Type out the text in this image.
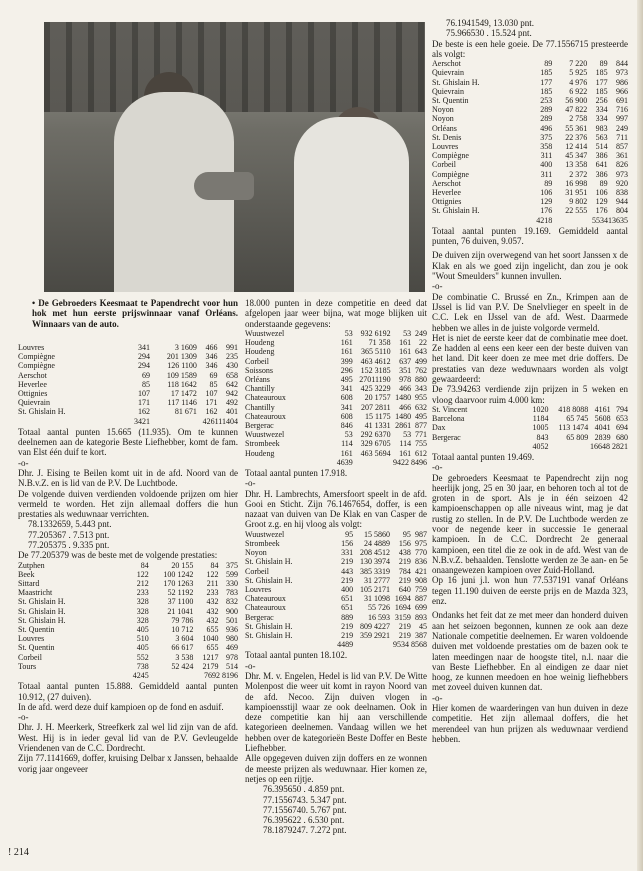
• De Gebroeders Keesmaat te Papendrecht voor hun hok met hun eerste prijswinnaar vanaf Orléans. Winnaars van de auto.

Louvres	341	3 1609	466	991
Compiègne	294	201 1309	346	235
Compiègne	294	126 1100	346	430
Aerschot	69	109 1589	69	658
Heverlee	85	118 1642	85	642
Ottignies	107	17 1472	107	942
Quievrain	171	117 1146	171	492
St. Ghislain H.	162	81 671	162	401
	3421	426111404		

Totaal aantal punten 15.665 (11.935). Om te kunnen deelnemen aan de kategorie Beste Liefhebber, komt de fam. van Elst één duif te kort.

-o-

Dhr. J. Eising te Beilen komt uit in de afd. Noord van de N.B.v.Z. en is lid van de P.V. De Luchtbode.

De volgende duiven verdienden voldoende prijzen om hier vermeld te worden. Het zijn allemaal doffers die hun prestaties als weduwnaar verrichten.

78.1332659, 5.443 pnt.

77.205367 . 7.513 pnt.

77.205375 . 9.335 pnt.

De 77.205379 was de beste met de volgende prestaties:

Zutphen	84	20 155	84	375
Beek	122	100 1242	122	599
Sittard	212	170 1263	211	330
Maastricht	233	52 1192	233	783
St. Ghislain H.	328	37 1100	432	832
St. Ghislain H.	328	21 1041	432	900
St. Ghislain H.	328	79 786	432	501
St. Quentin	405	10 712	655	936
Louvres	510	3 604	1040	980
St. Quentin	405	66 617	655	469
Corbeil	552	3 538	1217	978
Tours	738	52 424	2179	514
	4245	7692 8196		

Totaal aantal punten 15.888. Gemiddeld aantal punten 10.912, (27 duiven).

In de afd. werd deze duif kampioen op de fond en asduif.

-o-

Dhr. J. H. Meerkerk, Streefkerk zal wel lid zijn van de afd. West. Hij is in ieder geval lid van de P.V. Gevleugelde Vriendenen van de C.C. Dordrecht.

Zijn 77.1141669, doffer, kruising Delbar x Janssen, behaalde vorig jaar ongeveer

18.000 punten in deze competitie en deed dat afgelopen jaar weer bijna, wat moge blijken uit onderstaande gegevens:

Wuustwezel	53	932 6192	53	249
Houdeng	161	71 358	161	22
Houdeng	161	365 5110	161	643
Corbeil	399	463 4612	637	499
Soissons	296	152 3185	351	762
Orléans	495	27011190	978	880
Chantilly	341	425 3229	466	343
Chateauroux	608	20 1757	1480	955
Chantilly	341	207 2811	466	632
Chateauroux	608	15 1175	1480	495
Bergerac	846	41 1331	2861	877
Wuustwezel	53	292 6370	53	771
Strombeek	114	329 6705	114	755
Houdeng	161	463 5694	161	612
	4639	9422 8496		

Totaal aantal punten 17.918.

-o-

Dhr. H. Lambrechts, Amersfoort speelt in de afd. Gooi en Sticht. Zijn 76.1467654, doffer, is een nazaat van duiven van De Klak en van Casper de Groot z.g. en hij vloog als volgt:

Wuustwezel	95	15 5860	95	987
Strombeek	156	24 4889	156	975
Noyon	331	208 4512	438	770
St. Ghislain H.	219	130 3974	219	836
Corbeil	443	385 3319	784	421
St. Ghislain H.	219	31 2777	219	908
Louvres	400	105 2171	640	759
Chateauroux	651	31 1098	1694	887
Chateauroux	651	55 726	1694	699
Bergerac	889	16 593	3159	893
St. Ghislain H.	219	809 4227	219	45
St. Ghislain H.	219	359 2921	219	387
	4489	9534 8568		

Totaal aantal punten 18.102.

-o-

Dhr. M. v. Engelen, Hedel is lid van P.V. De Witte Molenpost die weer uit komt in rayon Noord van de afd. Necoo. Zijn duiven vlogen in kampioensstijl waar ze ook deelnamen. Ook in deze competitie kan hij aan verschillende kategorieen deelnemen. Vandaag willen we het hebben over de kategorieën Beste Doffer en Beste Liefhebber.

Alle opgegeven duiven zijn doffers en ze wonnen de meeste prijzen als weduwnaar. Hier komen ze, netjes op een rijtje.

76.395650 . 4.859 pnt.

77.1556743. 5.347 pnt.

77.1556740. 5.767 pnt.

76.395622 . 6.530 pnt.

78.1879247. 7.272 pnt.

76.1941549, 13.030 pnt.

75.966530 . 15.524 pnt.

De beste is een hele goeie. De 77.1556715 presteerde als volgt:

Aerschot	89	7 220	89	844
Quievrain	185	5 925	185	973
St. Ghislain H.	177	4 976	177	986
Quievrain	185	6 922	185	966
St. Quentin	253	56 900	256	691
Noyon	289	47 822	334	716
Noyon	289	2 758	334	997
Orléans	496	55 361	983	249
St. Denis	375	22 376	563	711
Louvres	358	12 414	514	857
Compiègne	311	45 347	386	361
Corbeil	400	13 358	641	826
Compiègne	311	2 372	386	973
Aerschot	89	16 998	89	920
Heverlee	106	31 951	106	838
Ottignies	129	9 802	129	944
St. Ghislain H.	176	22 555	176	804
	4218	553413635		

Totaal aantal punten 19.169. Gemiddeld aantal punten, 76 duiven, 9.057.

De duiven zijn overwegend van het soort Janssen x de Klak en als we goed zijn ingelicht, dan zou je ook "Wout Smeulders" kunnen invullen.

-o-

De combinatie C. Brussé en Zn., Krimpen aan de IJssel is lid van P.V. De Snelvlieger en speelt in de C.C. Lek en IJssel van de afd. West. Daarmede hebben we alles in de juiste volgorde vermeld.

Het is niet de eerste keer dat de combinatie mee doet. Ze hadden al eens een keer een der beste duiven van het land. Dit keer doen ze mee met drie doffers. De prestaties van deze weduwnaars worden als volgt gewaardeerd:

De 73.94263 verdiende zijn prijzen in 5 weken en vloog daarvoor ruim 4.000 km:

St. Vincent	1020	418 8088	4161	794
Barcelona	1184	65 745	5608	653
Dax	1005	113 1474	4041	694
Bergerac	843	65 809	2839	680
	4052	16648 2821		

Totaal aantal punten 19.469.

-o-

De gebroeders Keesmaat te Papendrecht zijn nog heerlijk jong, 25 en 30 jaar, en behoren toch al tot de groten in de sport. Als je in één seizoen 42 kampioenschappen op alle niveaus wint, mag je dat rustig zo stellen. In de P.V. De Luchtbode werden ze voor de negende keer in successie 1e generaal kampioen. In de C.C. Dordrecht 2e generaal kampioen, een titel die ze ook in de afd. West van de N.B.v.Z. behaalden. Tenslotte werden ze 3e aan- en 5e onaangewezen kampioen over Zuid-Holland.

Op 16 juni j.l. won hun 77.537191 vanaf Orléans tegen 11.190 duiven de eerste prijs en de Mazda 323, enz.

Ondanks het feit dat ze met meer dan honderd duiven aan het seizoen begonnen, kunnen ze ook aan deze Nationale competitie deelnemen. Er waren voldoende duiven met voldoende prestaties om de bazen ook te laten meedingen naar de hoogste titel, n.l. naar die van Beste Liefhebber. En al eindigen ze daar niet hoog, ze kunnen meedoen en hoe weinig liefhebbers met zoveel duiven kunnen dat.

-o-

Hier komen de waarderingen van hun duiven in deze competitie. Het zijn allemaal doffers, die het merendeel van hun prijzen als weduwnaar verdiend hebben.

! 214
